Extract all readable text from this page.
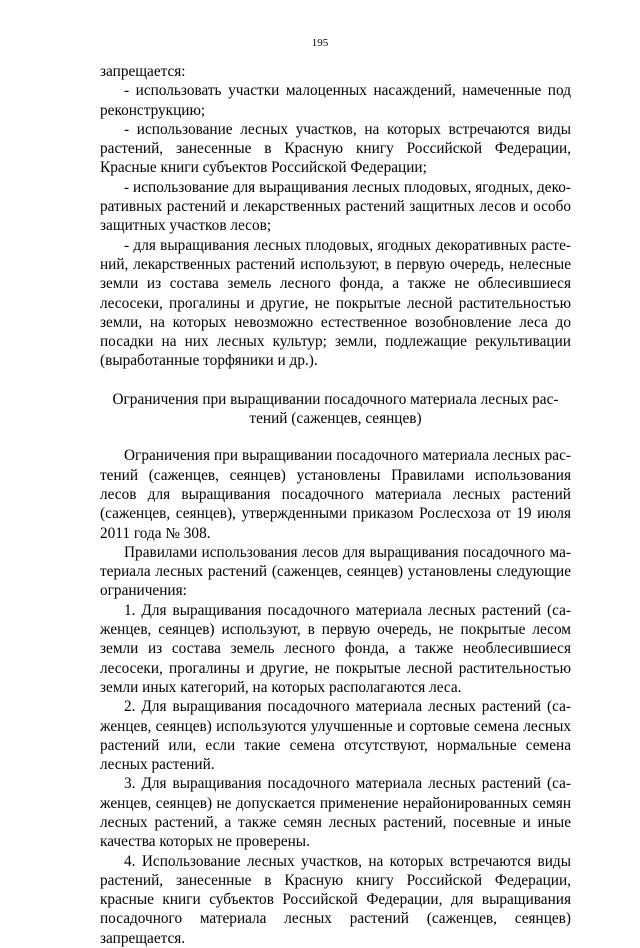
195

запрещается:

- использовать участки малоценных насаждений, намеченные под реконструкцию;

- использование лесных участков, на которых встречаются виды растений, занесенные в Красную книгу Российской Федерации, Красные книги субъектов Российской Федерации;

- использование для выращивания лесных плодовых, ягодных, декоративных растений и лекарственных растений защитных лесов и особо защитных участков лесов;

- для выращивания лесных плодовых, ягодных декоративных растений, лекарственных растений используют, в первую очередь, нелесные земли из состава земель лесного фонда, а также не облесившиеся лесосеки, прогалины и другие, не покрытые лесной растительностью земли, на которых невозможно естественное возобновление леса до посадки на них лесных культур; земли, подлежащие рекультивации (выработанные торфяники и др.).

Ограничения при выращивании посадочного материала лесных растений (саженцев, сеянцев)

Ограничения при выращивании посадочного материала лесных растений (саженцев, сеянцев) установлены Правилами использования лесов для выращивания посадочного материала лесных растений (саженцев, сеянцев), утвержденными приказом Рослесхоза от 19 июля 2011 года № 308.

Правилами использования лесов для выращивания посадочного материала лесных растений (саженцев, сеянцев) установлены следующие ограничения:

1. Для выращивания посадочного материала лесных растений (саженцев, сеянцев) используют, в первую очередь, не покрытые лесом земли из состава земель лесного фонда, а также необлесившиеся лесосеки, прогалины и другие, не покрытые лесной растительностью земли иных категорий, на которых располагаются леса.

2. Для выращивания посадочного материала лесных растений (саженцев, сеянцев) используются улучшенные и сортовые семена лесных растений или, если такие семена отсутствуют, нормальные семена лесных растений.

3. Для выращивания посадочного материала лесных растений (саженцев, сеянцев) не допускается применение нерайонированных семян лесных растений, а также семян лесных растений, посевные и иные качества которых не проверены.

4. Использование лесных участков, на которых встречаются виды растений, занесенные в Красную книгу Российской Федерации, красные книги субъектов Российской Федерации, для выращивания посадочного материала лесных растений (саженцев, сеянцев) запрещается.
